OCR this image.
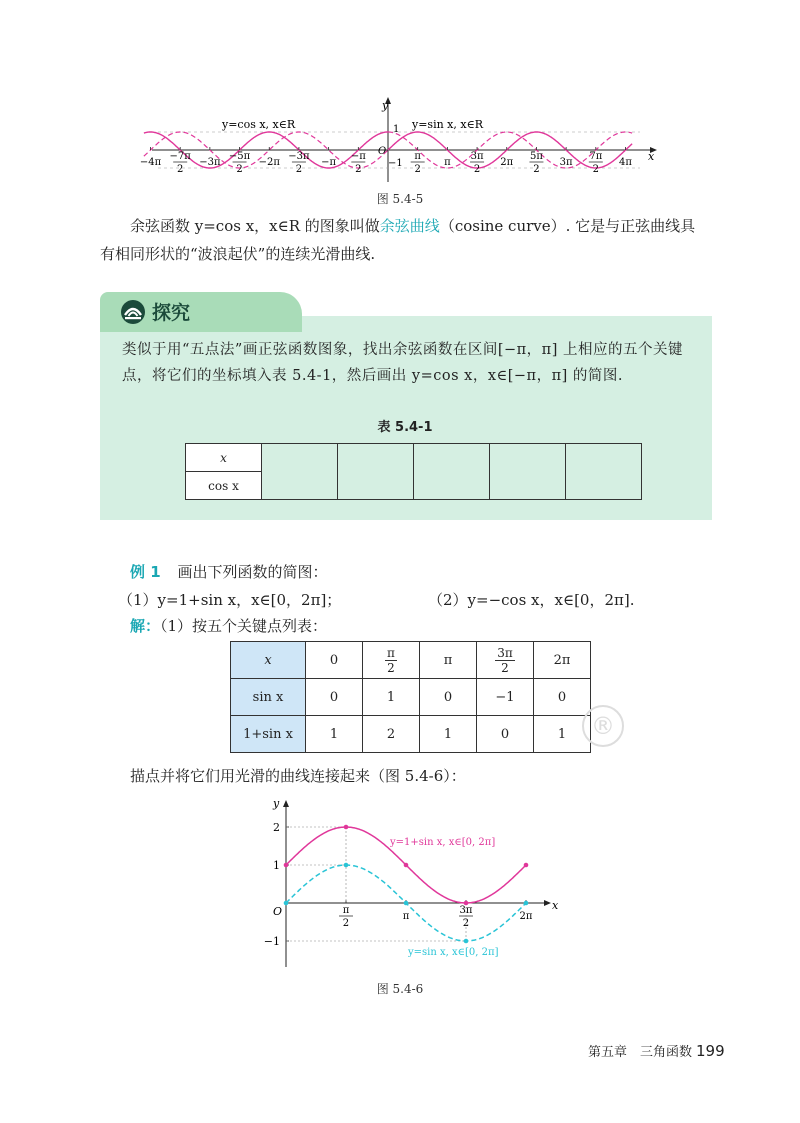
−4π
−7π
2
−3π
−5π
2
−2π
−3π
2
−π
−π
2
π
2
π
3π
2
2π
5π
2
3π
7π
2
4π
y
x
O
1
−1
y=cos x, x∈R	y=sin x, x∈R
图 5.4-5
余弦函数 y=cos x，x∈R 的图象叫做余弦曲线（cosine curve）. 它是与正弦曲线具
有相同形状的“波浪起伏”的连续光滑曲线.
探究
类似于用“五点法”画正弦函数图象，找出余弦函数在区间[−π，π] 上相应的五个关键点，将它们的坐标填入表 5.4-1，然后画出 y=cos x，x∈[−π，π] 的简图.
表 5.4-1
x					
cos x
例 1 画出下列函数的简图：
（1）y=1+sin x，x∈[0，2π]；	（2）y=−cos x，x∈[0，2π].
解：（1）按五个关键点列表：
x	0	$\frac{\pi}{2}$	π	$\frac{3\pi}{2}$	2π
sin x	0	1	0	−1	0
1+sin x	1	2	1	0	1	®
描点并将它们用光滑的曲线连接起来（图 5.4-6）：
y
x
O
2
1
−1
π
2
π
3π
2
2π
y=1+sin x, x∈[0, 2π]
y=sin x, x∈[0, 2π]
图 5.4-6
第五章　三角函数 199
